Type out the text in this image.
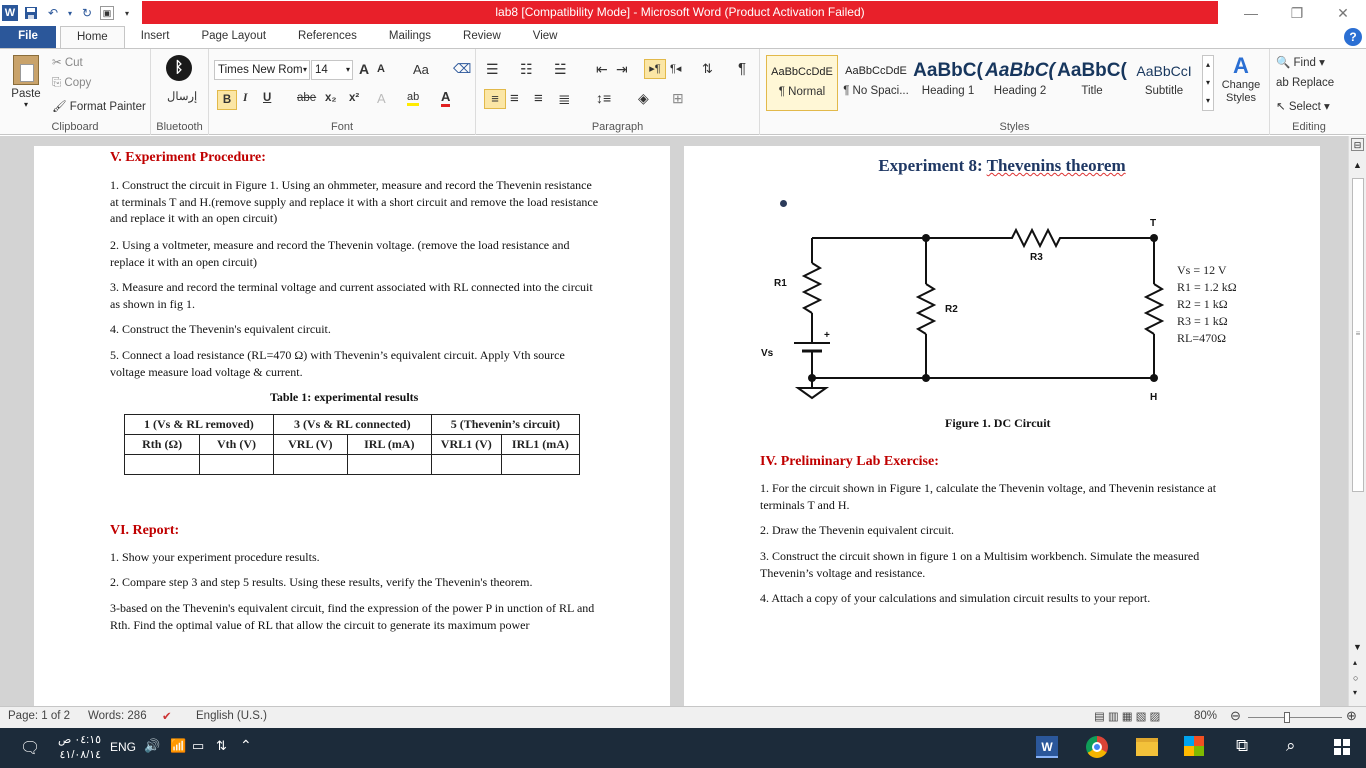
W	↶	▾ ↻	▣	▾	lab8 [Compatibility Mode] - Microsoft Word (Product Activation Failed)	—	❐	✕
File	Home	Insert	Page Layout	References	Mailings	Review	View	?
Paste
▾
✂ Cut
⎘ Copy
🖌 Format Painter
Clipboard
ᛒ
إرسال
Bluetooth
Times New Rom ▾ 14 ▾ A A Aa ⌫
B	I U abe x₂ x² A ab A
Font
☰ ☷ ☱ ⇤ ⇥	▸¶ ¶◂ ⇅ ¶
≡ ≡ ≡ ≣ ↕≡ ◈ ⊞
Paragraph
AaBbCcDdE
¶ Normal
AaBbCcDdE
¶ No Spaci...
AaBbC(
Heading 1
AaBbC(
Heading 2
AaBbC(
Title
AaBbCcI
Subtitle
▴
▾
▾
A
Change Styles
Styles
🔍 Find ▾
ab Replace
↖ Select ▾
Editing
V. Experiment Procedure:
1. Construct the circuit in Figure 1. Using an ohmmeter, measure and record the Thevenin resistance at terminals T and H.(remove supply and replace it with a short circuit and remove the load resistance and replace it with an open circuit)
2. Using a voltmeter, measure and record the Thevenin voltage. (remove the load resistance and replace it with an open circuit)
3. Measure and record the terminal voltage and current associated with RL connected into the circuit as shown in fig 1.
4. Construct the Thevenin's equivalent circuit.
5. Connect a load resistance (RL=470 Ω) with Thevenin’s equivalent circuit. Apply Vth source voltage measure load voltage & current.
Table 1: experimental results
1 (Vs & RL removed)		3 (Vs & RL connected)		5 (Thevenin’s circuit)	
Rth (Ω)	Vth (V)	VRL (V)	IRL (mA)	VRL1 (V)	IRL1 (mA)

VI. Report:
1. Show your experiment procedure results.
2. Compare step 3 and step 5 results. Using these results, verify the Thevenin's theorem.
3-based on the Thevenin's equivalent circuit, find the expression of the power P in unction of RL and Rth. Find the optimal value of RL that allow the circuit to generate its maximum power
Experiment 8: Thevenins theorem
R3
T
R1
R2
Vs
+
H
Vs = 12 V
R1 = 1.2 kΩ
R2 = 1 kΩ
R3 = 1 kΩ
RL=470Ω
Figure 1. DC Circuit
IV. Preliminary Lab Exercise:
1. For the circuit shown in Figure 1, calculate the Thevenin voltage, and Thevenin resistance at terminals T and H.
2. Draw the Thevenin equivalent circuit.
3. Construct the circuit shown in figure 1 on a Multisim workbench. Simulate the measured Thevenin’s voltage and resistance.
4. Attach a copy of your calculations and simulation circuit results to your report.
⊟
▲
≡
▼
▴
○
▾
Page: 1 of 2 Words: 286 ✔ English (U.S.)	▤▥▦▧▨	80% ⊖	⊕
🗨 ٠٤:١٥ ص
٤١/٠٨/١٤
ENG 🔊 📶 ▭ ⇅ ⌃	W	⧉ ⌕
